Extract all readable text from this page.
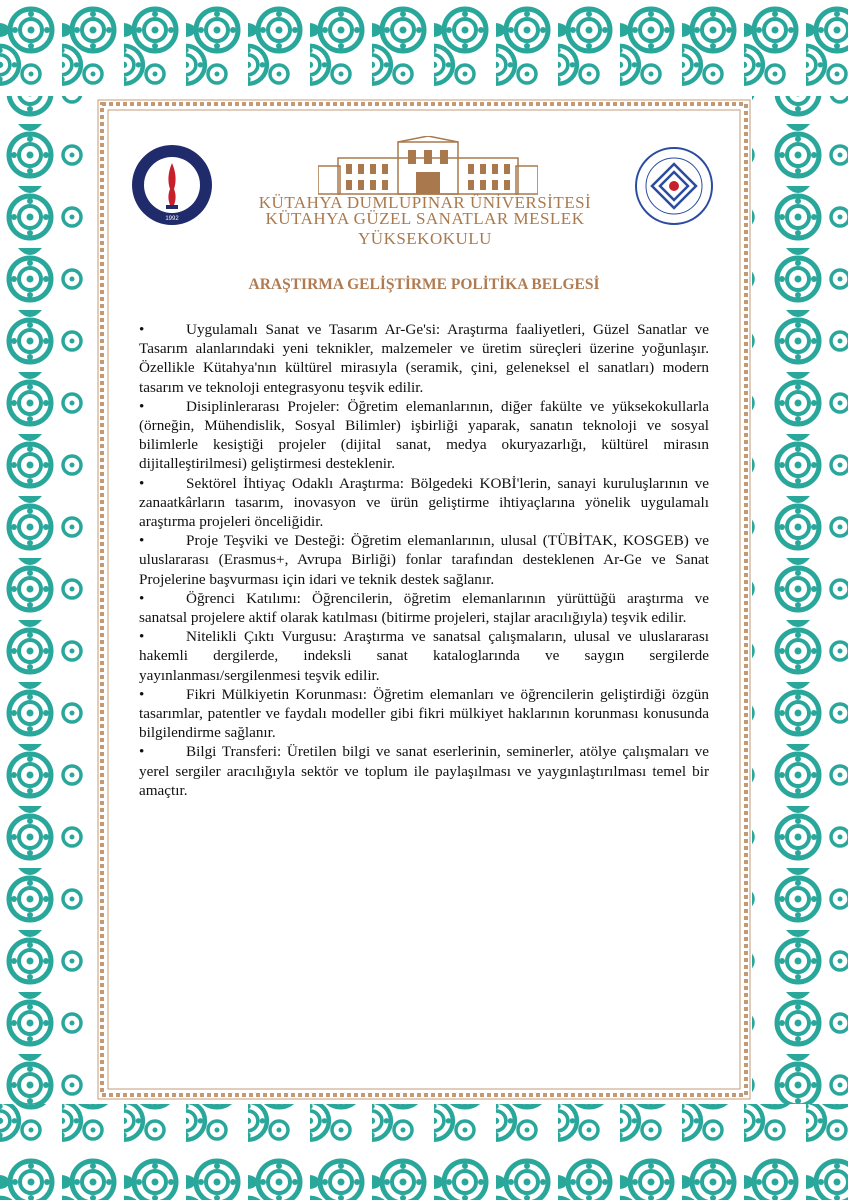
1992
KÜTAHYA DUMLUPINAR ÜNİVERSİTESİ
KÜTAHYA GÜZEL SANATLAR MESLEK YÜKSEKOKULU
ARAŞTIRMA GELİŞTİRME POLİTİKA BELGESİ

•	Uygulamalı Sanat ve Tasarım Ar-Ge'si: Araştırma faaliyetleri, Güzel Sanatlar ve Tasarım alanlarındaki yeni teknikler, malzemeler ve üretim süreçleri üzerine yoğunlaşır. Özellikle Kütahya'nın kültürel mirasıyla (seramik, çini, geleneksel el sanatları) modern tasarım ve teknoloji entegrasyonu teşvik edilir.

•	Disiplinlerarası Projeler: Öğretim elemanlarının, diğer fakülte ve yüksekokullarla (örneğin, Mühendislik, Sosyal Bilimler) işbirliği yaparak, sanatın teknoloji ve sosyal bilimlerle kesiştiği projeler (dijital sanat, medya okuryazarlığı, kültürel mirasın dijitalleştirilmesi) geliştirmesi desteklenir.

•	Sektörel İhtiyaç Odaklı Araştırma: Bölgedeki KOBİ'lerin, sanayi kuruluşlarının ve zanaatkârların tasarım, inovasyon ve ürün geliştirme ihtiyaçlarına yönelik uygulamalı araştırma projeleri önceliğidir.

•	Proje Teşviki ve Desteği: Öğretim elemanlarının, ulusal (TÜBİTAK, KOSGEB) ve uluslararası (Erasmus+, Avrupa Birliği) fonlar tarafından desteklenen Ar-Ge ve Sanat Projelerine başvurması için idari ve teknik destek sağlanır.

•	Öğrenci Katılımı: Öğrencilerin, öğretim elemanlarının yürüttüğü araştırma ve sanatsal projelere aktif olarak katılması (bitirme projeleri, stajlar aracılığıyla) teşvik edilir.

•	Nitelikli Çıktı Vurgusu: Araştırma ve sanatsal çalışmaların, ulusal ve uluslararası hakemli dergilerde, indeksli sanat kataloglarında ve saygın sergilerde yayınlanması/sergilenmesi teşvik edilir.

•	Fikri Mülkiyetin Korunması: Öğretim elemanları ve öğrencilerin geliştirdiği özgün tasarımlar, patentler ve faydalı modeller gibi fikri mülkiyet haklarının korunması konusunda bilgilendirme sağlanır.

•	Bilgi Transferi: Üretilen bilgi ve sanat eserlerinin, seminerler, atölye çalışmaları ve yerel sergiler aracılığıyla sektör ve toplum ile paylaşılması ve yaygınlaştırılması temel bir amaçtır.
